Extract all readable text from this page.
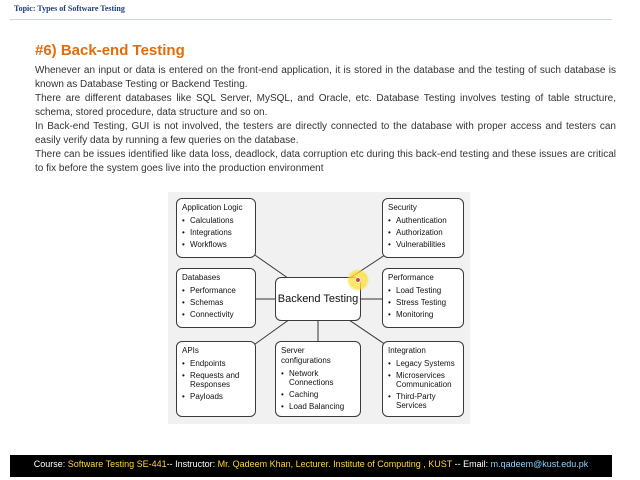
Topic: Types of Software Testing
#6) Back-end Testing

Whenever an input or data is entered on the front-end application, it is stored in the database and the testing of such database is known as Database Testing or Backend Testing.

There are different databases like SQL Server, MySQL, and Oracle, etc. Database Testing involves testing of table structure, schema, stored procedure, data structure and so on.

In Back-end Testing, GUI is not involved, the testers are directly connected to the database with proper access and testers can easily verify data by running a few queries on the database.

There can be issues identified like data loss, deadlock, data corruption etc during this back-end testing and these issues are critical to fix before the system goes live into the production environment

Application Logic
• Calculations
• Integrations
• Workflows
Security
• Authentication
• Authorization
• Vulnerabilities
Databases
• Performance
• Schemas
• Connectivity
Backend Testing
Performance
• Load Testing
• Stress Testing
• Monitoring
APIs
• Endpoints
• Requests and Responses
• Payloads
Server configurations
• Network Connections
• Caching
• Load Balancing
Integration
• Legacy Systems
• Microservices Communication
• Third-Party Services
Course: Software Testing SE-441-- Instructor: Mr. Qadeem Khan, Lecturer. Institute of Computing , KUST -- Email: m.qadeem@kust.edu.pk
